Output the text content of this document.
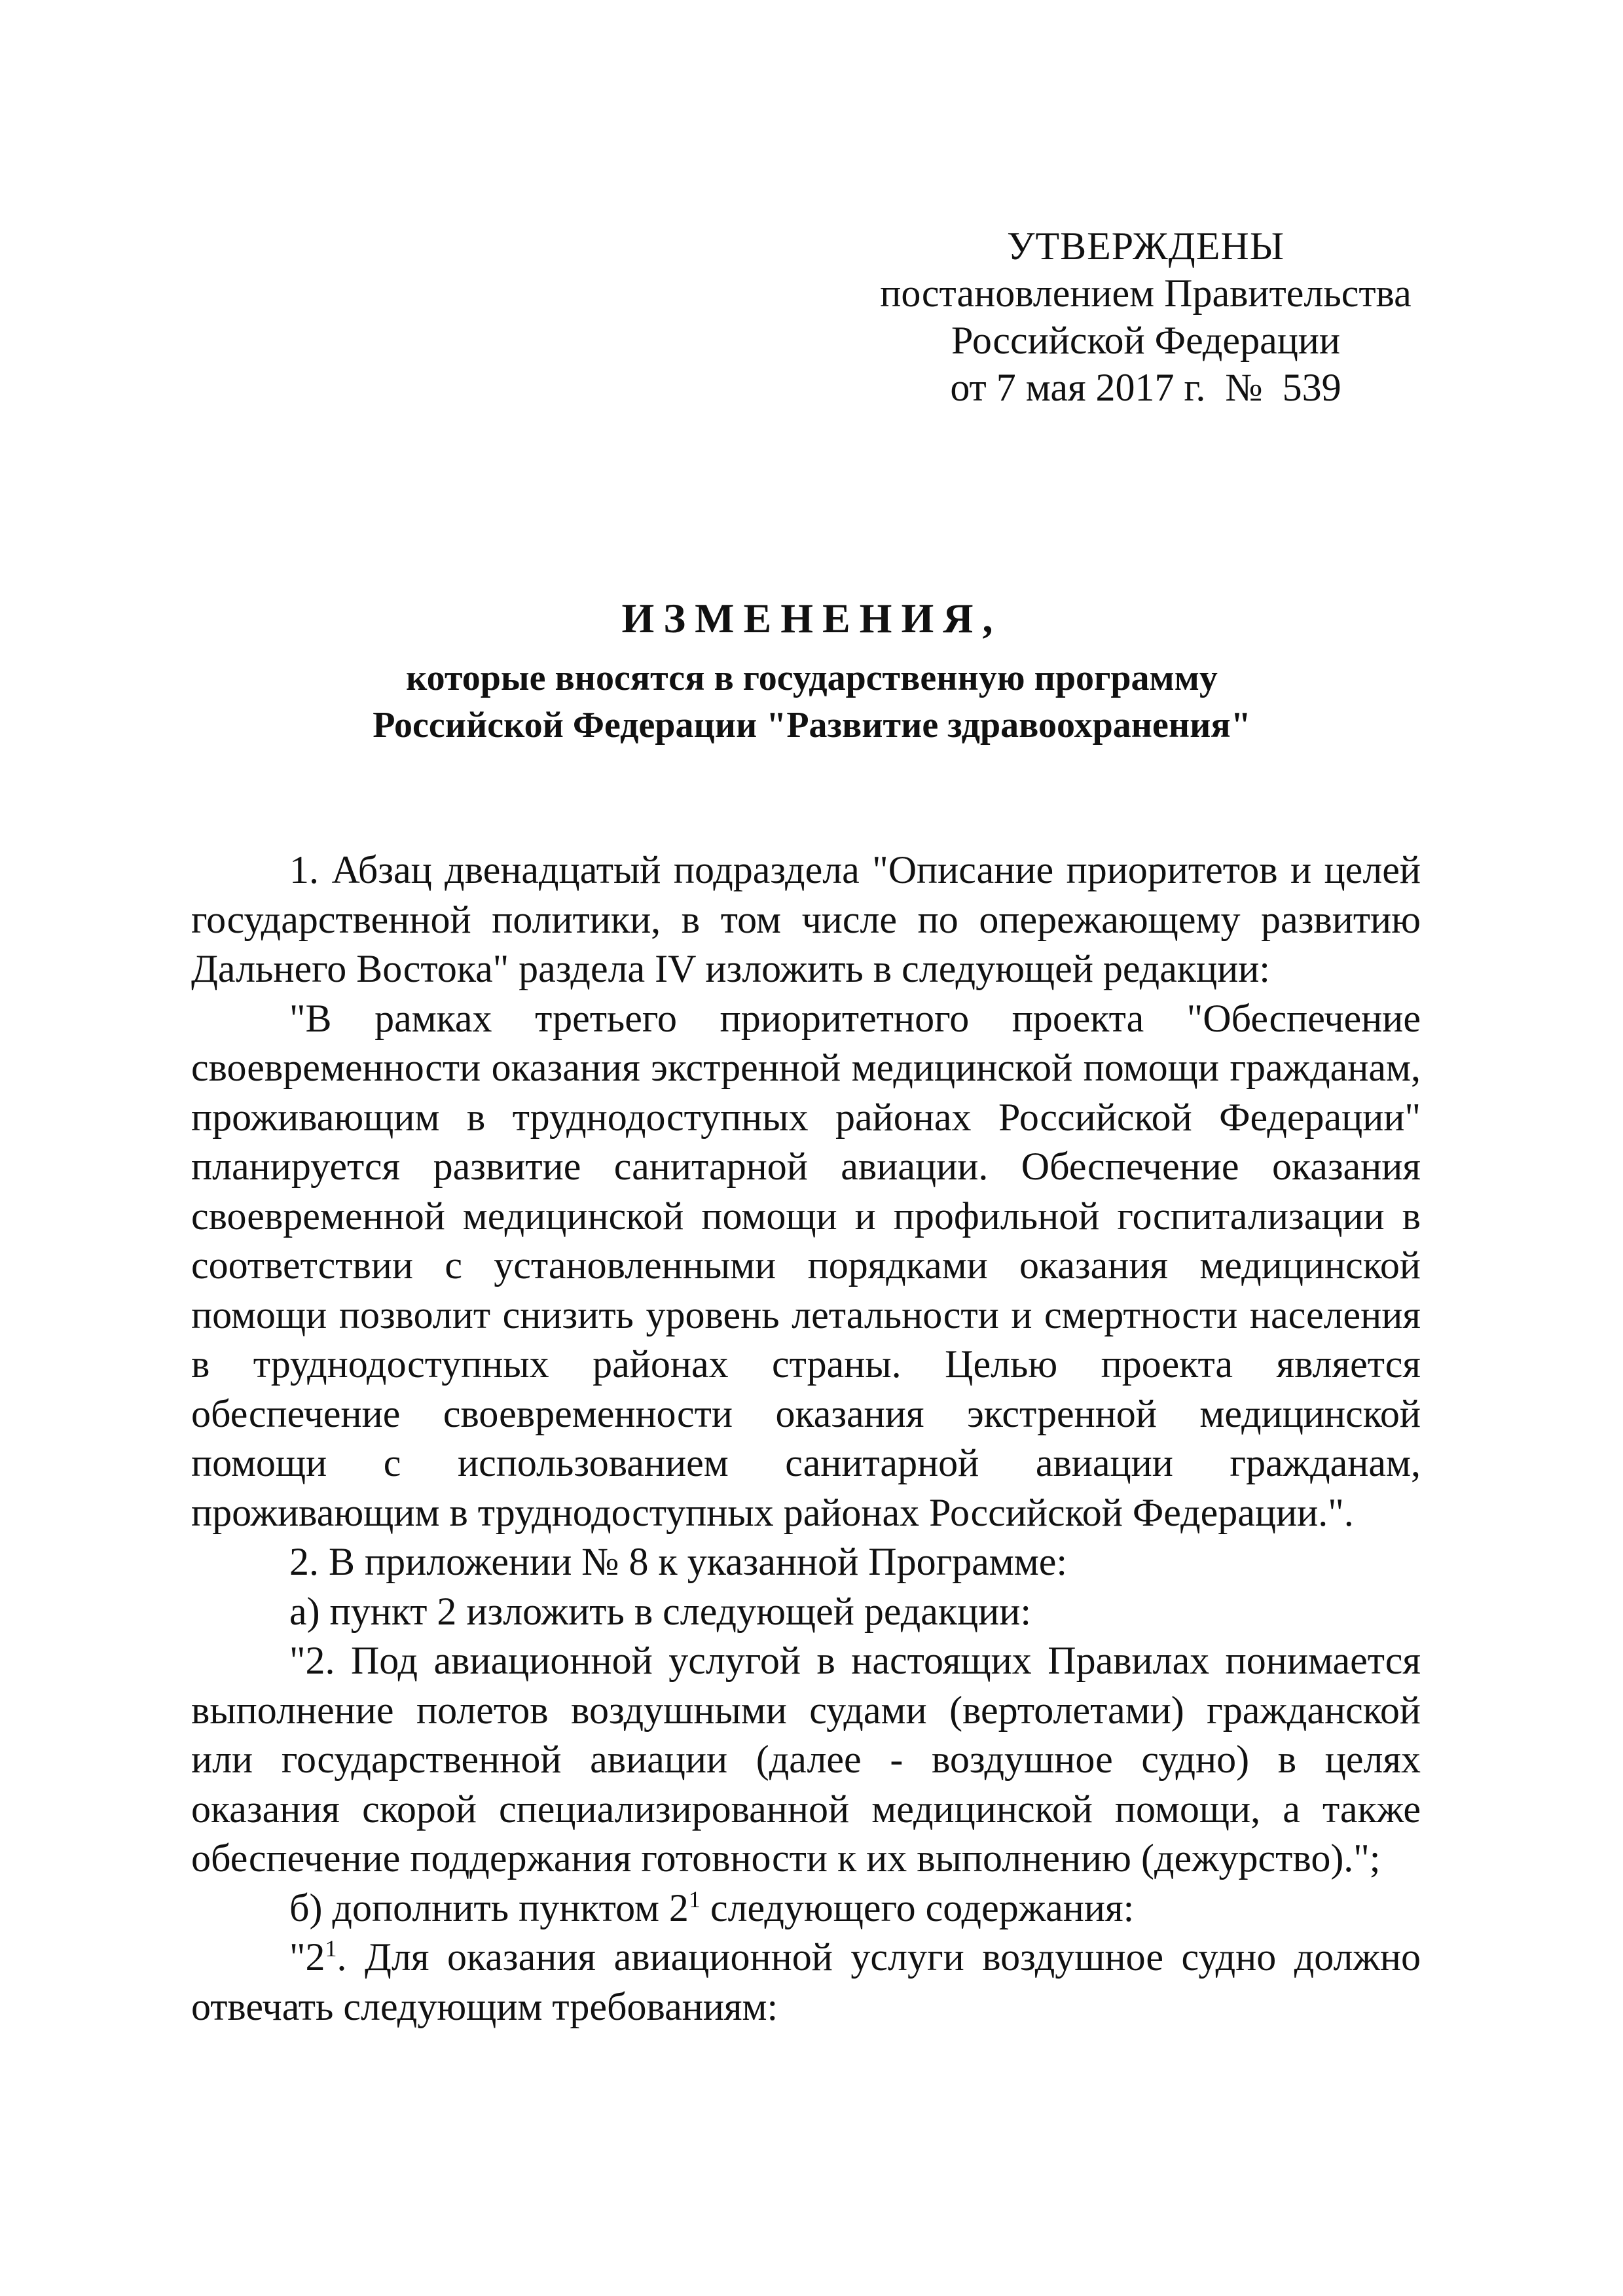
УТВЕРЖДЕНЫ
постановлением Правительства
Российской Федерации
от 7 мая 2017 г.  №  539
ИЗМЕНЕНИЯ,
которые вносятся в государственную программу
Российской Федерации "Развитие здравоохранения"

1. Абзац двенадцатый подраздела "Описание приоритетов и целей государственной политики, в том числе по опережающему развитию Дальнего Востока" раздела IV изложить в следующей редакции:

"В рамках третьего приоритетного проекта "Обеспечение своевременности оказания экстренной медицинской помощи гражданам, проживающим в труднодоступных районах Российской Федерации" планируется развитие санитарной авиации. Обеспечение оказания своевременной медицинской помощи и профильной госпитализации в соответствии с установленными порядками оказания медицинской помощи позволит снизить уровень летальности и смертности населения в труднодоступных районах страны. Целью проекта является обеспечение своевременности оказания экстренной медицинской помощи с использованием санитарной авиации гражданам, проживающим в труднодоступных районах Российской Федерации.".

2. В приложении № 8 к указанной Программе:

а) пункт 2 изложить в следующей редакции:

"2. Под авиационной услугой в настоящих Правилах понимается выполнение полетов воздушными судами (вертолетами) гражданской или государственной авиации (далее - воздушное судно) в целях оказания скорой специализированной медицинской помощи, а также обеспечение поддержания готовности к их выполнению (дежурство).";

б) дополнить пунктом $2^1$ следующего содержания:

"$2^1$. Для оказания авиационной услуги воздушное судно должно отвечать следующим требованиям:
